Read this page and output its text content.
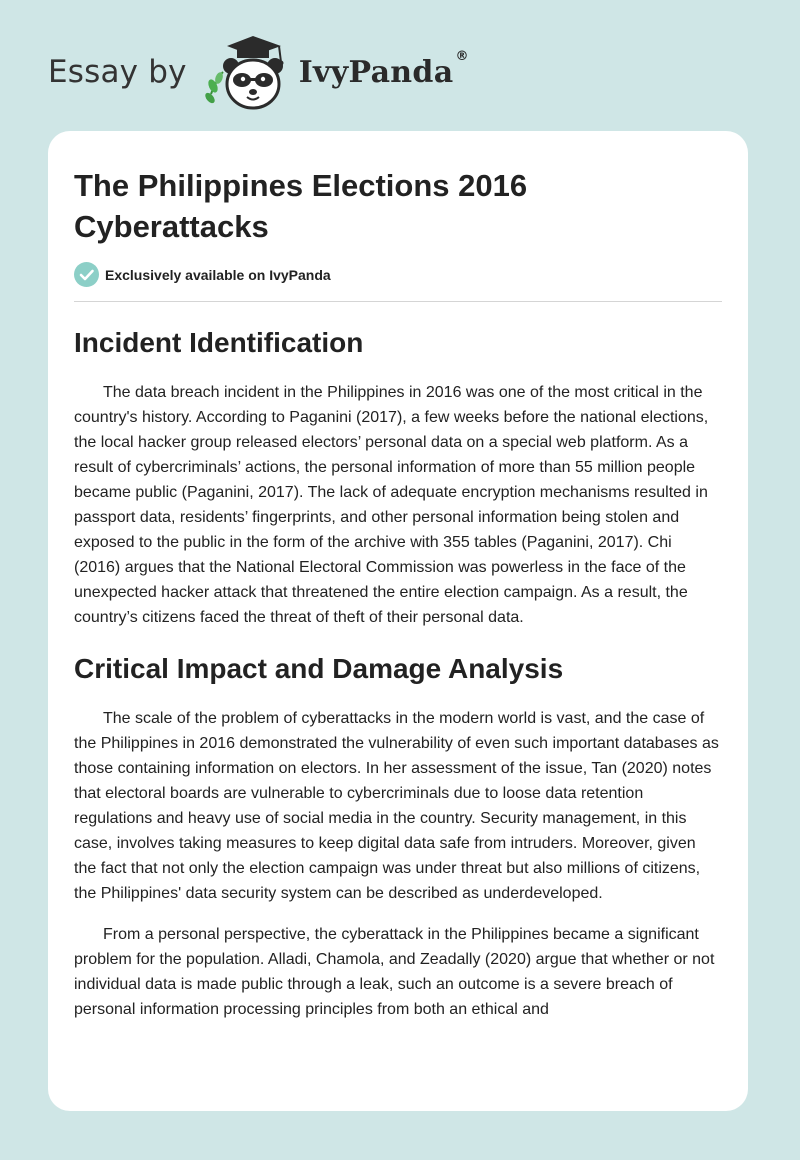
Essay by	IvyPanda ®
The Philippines Elections 2016 Cyberattacks
Exclusively available on IvyPanda
Incident Identification

The data breach incident in the Philippines in 2016 was one of the most critical in the country's history. According to Paganini (2017), a few weeks before the national elections, the local hacker group released electors’ personal data on a special web platform. As a result of cybercriminals’ actions, the personal information of more than 55 million people became public (Paganini, 2017). The lack of adequate encryption mechanisms resulted in passport data, residents’ fingerprints, and other personal information being stolen and exposed to the public in the form of the archive with 355 tables (Paganini, 2017). Chi (2016) argues that the National Electoral Commission was powerless in the face of the unexpected hacker attack that threatened the entire election campaign. As a result, the country’s citizens faced the threat of theft of their personal data.

Critical Impact and Damage Analysis

The scale of the problem of cyberattacks in the modern world is vast, and the case of the Philippines in 2016 demonstrated the vulnerability of even such important databases as those containing information on electors. In her assessment of the issue, Tan (2020) notes that electoral boards are vulnerable to cybercriminals due to loose data retention regulations and heavy use of social media in the country. Security management, in this case, involves taking measures to keep digital data safe from intruders. Moreover, given the fact that not only the election campaign was under threat but also millions of citizens, the Philippines' data security system can be described as underdeveloped.

From a personal perspective, the cyberattack in the Philippines became a significant problem for the population. Alladi, Chamola, and Zeadally (2020) argue that whether or not individual data is made public through a leak, such an outcome is a severe breach of personal information processing principles from both an ethical and
